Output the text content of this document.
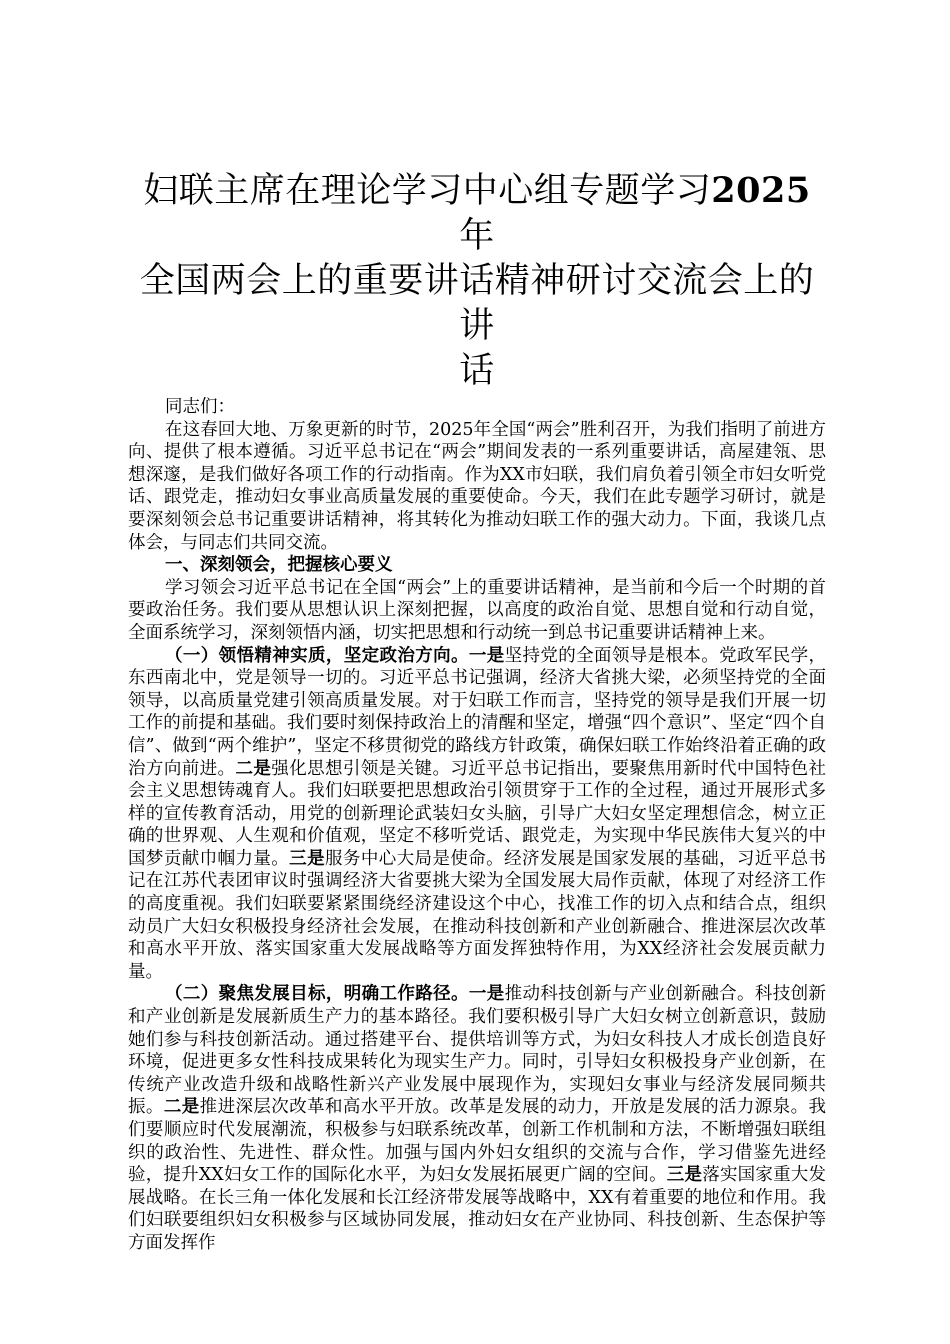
妇联主席在理论学习中心组专题学习2025年
全国两会上的重要讲话精神研讨交流会上的讲
话

同志们：

在这春回大地、万象更新的时节，2025年全国“两会”胜利召开，为我们指明了前进方向、提供了根本遵循。习近平总书记在“两会”期间发表的一系列重要讲话，高屋建瓴、思想深邃，是我们做好各项工作的行动指南。作为XX市妇联，我们肩负着引领全市妇女听党话、跟党走，推动妇女事业高质量发展的重要使命。今天，我们在此专题学习研讨，就是要深刻领会总书记重要讲话精神，将其转化为推动妇联工作的强大动力。下面，我谈几点体会，与同志们共同交流。

一、深刻领会，把握核心要义

学习领会习近平总书记在全国“两会”上的重要讲话精神，是当前和今后一个时期的首要政治任务。我们要从思想认识上深刻把握，以高度的政治自觉、思想自觉和行动自觉，全面系统学习，深刻领悟内涵，切实把思想和行动统一到总书记重要讲话精神上来。

（一）领悟精神实质，坚定政治方向。一是坚持党的全面领导是根本。党政军民学，东西南北中，党是领导一切的。习近平总书记强调，经济大省挑大梁，必须坚持党的全面领导，以高质量党建引领高质量发展。对于妇联工作而言，坚持党的领导是我们开展一切工作的前提和基础。我们要时刻保持政治上的清醒和坚定，增强“四个意识”、坚定“四个自信”、做到“两个维护”，坚定不移贯彻党的路线方针政策，确保妇联工作始终沿着正确的政治方向前进。二是强化思想引领是关键。习近平总书记指出，要聚焦用新时代中国特色社会主义思想铸魂育人。我们妇联要把思想政治引领贯穿于工作的全过程，通过开展形式多样的宣传教育活动，用党的创新理论武装妇女头脑，引导广大妇女坚定理想信念，树立正确的世界观、人生观和价值观，坚定不移听党话、跟党走，为实现中华民族伟大复兴的中国梦贡献巾帼力量。三是服务中心大局是使命。经济发展是国家发展的基础，习近平总书记在江苏代表团审议时强调经济大省要挑大梁为全国发展大局作贡献，体现了对经济工作的高度重视。我们妇联要紧紧围绕经济建设这个中心，找准工作的切入点和结合点，组织动员广大妇女积极投身经济社会发展，在推动科技创新和产业创新融合、推进深层次改革和高水平开放、落实国家重大发展战略等方面发挥独特作用，为XX经济社会发展贡献力量。

（二）聚焦发展目标，明确工作路径。一是推动科技创新与产业创新融合。科技创新和产业创新是发展新质生产力的基本路径。我们要积极引导广大妇女树立创新意识，鼓励她们参与科技创新活动。通过搭建平台、提供培训等方式，为妇女科技人才成长创造良好环境，促进更多女性科技成果转化为现实生产力。同时，引导妇女积极投身产业创新，在传统产业改造升级和战略性新兴产业发展中展现作为，实现妇女事业与经济发展同频共振。二是推进深层次改革和高水平开放。改革是发展的动力，开放是发展的活力源泉。我们要顺应时代发展潮流，积极参与妇联系统改革，创新工作机制和方法，不断增强妇联组织的政治性、先进性、群众性。加强与国内外妇女组织的交流与合作，学习借鉴先进经验，提升XX妇女工作的国际化水平，为妇女发展拓展更广阔的空间。三是落实国家重大发展战略。在长三角一体化发展和长江经济带发展等战略中，XX有着重要的地位和作用。我们妇联要组织妇女积极参与区域协同发展，推动妇女在产业协同、科技创新、生态保护等方面发挥作
